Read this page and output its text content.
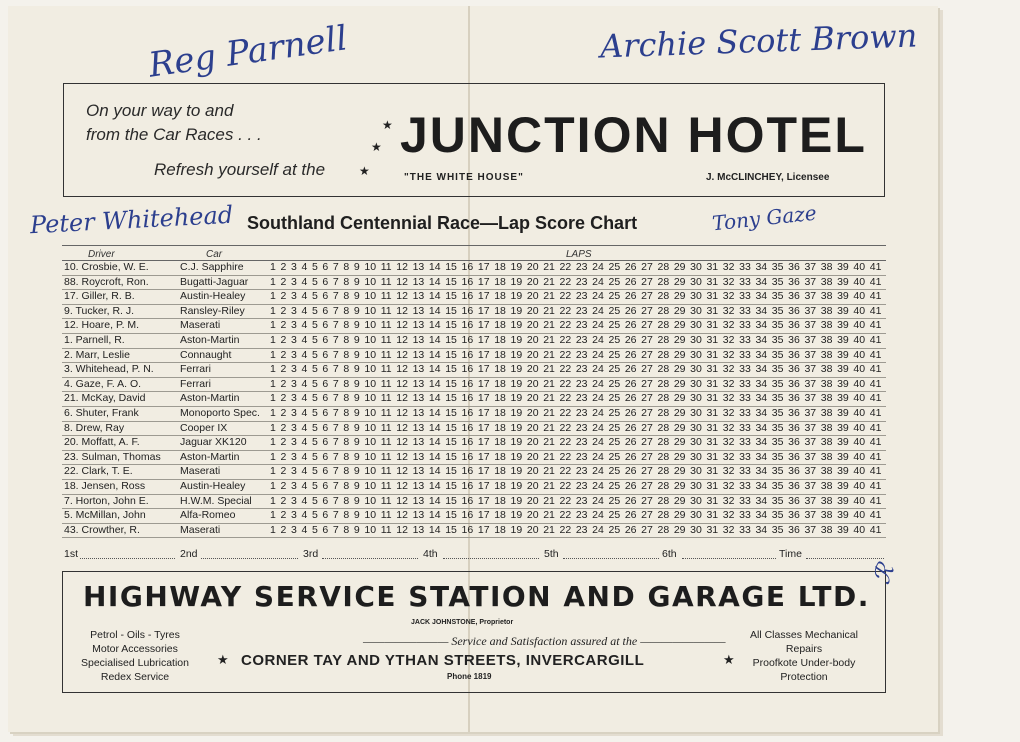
Reg Parnell	Archie Scott Brown
Peter Whitehead	Tony Gaze
On your way to and
from the Car Races . . .
Refresh yourself at the
★
★
★
JUNCTION HOTEL
"THE WHITE HOUSE"	J. McCLINCHEY, Licensee
Southland Centennial Race—Lap Score Chart
Driver	Car	LAPS
10. Crosbie, W. E.	C.J. Sapphire	1 2 3 4 5 6 7 8 9 10 11 12 13 14 15 16 17 18 19 20 21 22 23 24 25 26 27 28 29 30 31 32 33 34 35 36 37 38 39 40 41
88. Roycroft, Ron.	Bugatti-Jaguar	1 2 3 4 5 6 7 8 9 10 11 12 13 14 15 16 17 18 19 20 21 22 23 24 25 26 27 28 29 30 31 32 33 34 35 36 37 38 39 40 41
17. Giller, R. B.	Austin-Healey	1 2 3 4 5 6 7 8 9 10 11 12 13 14 15 16 17 18 19 20 21 22 23 24 25 26 27 28 29 30 31 32 33 34 35 36 37 38 39 40 41
9. Tucker, R. J.	Ransley-Riley	1 2 3 4 5 6 7 8 9 10 11 12 13 14 15 16 17 18 19 20 21 22 23 24 25 26 27 28 29 30 31 32 33 34 35 36 37 38 39 40 41
12. Hoare, P. M.	Maserati	1 2 3 4 5 6 7 8 9 10 11 12 13 14 15 16 17 18 19 20 21 22 23 24 25 26 27 28 29 30 31 32 33 34 35 36 37 38 39 40 41
1. Parnell, R.	Aston-Martin	1 2 3 4 5 6 7 8 9 10 11 12 13 14 15 16 17 18 19 20 21 22 23 24 25 26 27 28 29 30 31 32 33 34 35 36 37 38 39 40 41
2. Marr, Leslie	Connaught	1 2 3 4 5 6 7 8 9 10 11 12 13 14 15 16 17 18 19 20 21 22 23 24 25 26 27 28 29 30 31 32 33 34 35 36 37 38 39 40 41
3. Whitehead, P. N.	Ferrari	1 2 3 4 5 6 7 8 9 10 11 12 13 14 15 16 17 18 19 20 21 22 23 24 25 26 27 28 29 30 31 32 33 34 35 36 37 38 39 40 41
4. Gaze, F. A. O.	Ferrari	1 2 3 4 5 6 7 8 9 10 11 12 13 14 15 16 17 18 19 20 21 22 23 24 25 26 27 28 29 30 31 32 33 34 35 36 37 38 39 40 41
21. McKay, David	Aston-Martin	1 2 3 4 5 6 7 8 9 10 11 12 13 14 15 16 17 18 19 20 21 22 23 24 25 26 27 28 29 30 31 32 33 34 35 36 37 38 39 40 41
6. Shuter, Frank	Monoporto Spec. 1 2 3 4 5 6 7 8 9 10 11 12 13 14 15 16 17 18 19 20 21 22 23 24 25 26 27 28 29 30 31 32 33 34 35 36 37 38 39 40 41
8. Drew, Ray	Cooper IX	1 2 3 4 5 6 7 8 9 10 11 12 13 14 15 16 17 18 19 20 21 22 23 24 25 26 27 28 29 30 31 32 33 34 35 36 37 38 39 40 41
20. Moffatt, A. F.	Jaguar XK120	1 2 3 4 5 6 7 8 9 10 11 12 13 14 15 16 17 18 19 20 21 22 23 24 25 26 27 28 29 30 31 32 33 34 35 36 37 38 39 40 41
23. Sulman, Thomas	Aston-Martin	1 2 3 4 5 6 7 8 9 10 11 12 13 14 15 16 17 18 19 20 21 22 23 24 25 26 27 28 29 30 31 32 33 34 35 36 37 38 39 40 41
22. Clark, T. E.	Maserati	1 2 3 4 5 6 7 8 9 10 11 12 13 14 15 16 17 18 19 20 21 22 23 24 25 26 27 28 29 30 31 32 33 34 35 36 37 38 39 40 41
18. Jensen, Ross	Austin-Healey	1 2 3 4 5 6 7 8 9 10 11 12 13 14 15 16 17 18 19 20 21 22 23 24 25 26 27 28 29 30 31 32 33 34 35 36 37 38 39 40 41
7. Horton, John E.	H.W.M. Special	1 2 3 4 5 6 7 8 9 10 11 12 13 14 15 16 17 18 19 20 21 22 23 24 25 26 27 28 29 30 31 32 33 34 35 36 37 38 39 40 41
5. McMillan, John	Alfa-Romeo	1 2 3 4 5 6 7 8 9 10 11 12 13 14 15 16 17 18 19 20 21 22 23 24 25 26 27 28 29 30 31 32 33 34 35 36 37 38 39 40 41
43. Crowther, R.	Maserati	1 2 3 4 5 6 7 8 9 10 11 12 13 14 15 16 17 18 19 20 21 22 23 24 25 26 27 28 29 30 31 32 33 34 35 36 37 38 39 40 41
1st	2nd	3rd	4th	5th	6th	Time
HIGHWAY SERVICE STATION AND GARAGE LTD.
JACK JOHNSTONE, Proprietor
———————— Service and Satisfaction assured at the ————————
★ CORNER TAY AND YTHAN STREETS, INVERCARGILL	★
Phone 1819
Petrol - Oils - Tyres
Motor Accessories
Specialised Lubrication
Redex Service
All Classes Mechanical
Repairs
Proofkote Under-body
Protection
ℛ
